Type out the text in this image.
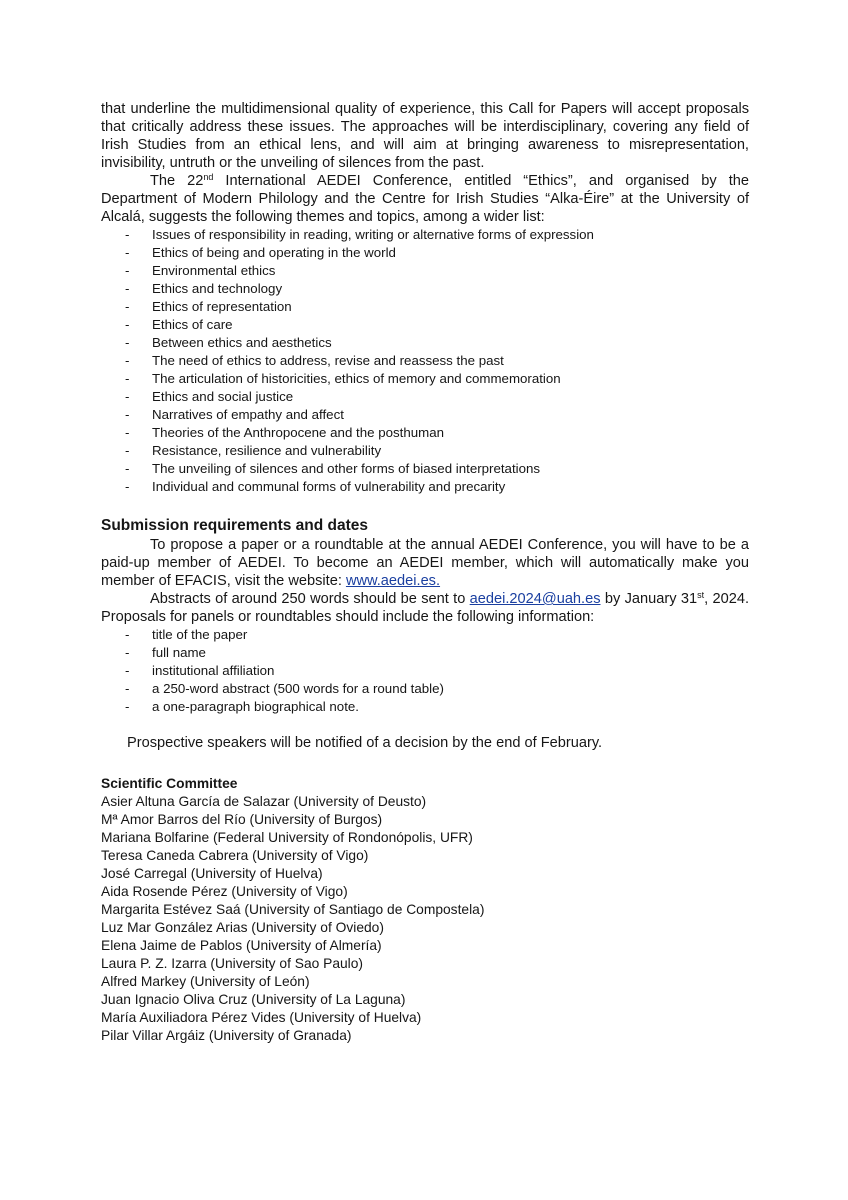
that underline the multidimensional quality of experience, this Call for Papers will accept proposals that critically address these issues. The approaches will be interdisciplinary, covering any field of Irish Studies from an ethical lens, and will aim at bringing awareness to misrepresentation, invisibility, untruth or the unveiling of silences from the past.

The 22nd International AEDEI Conference, entitled “Ethics”, and organised by the Department of Modern Philology and the Centre for Irish Studies “Alka-Éire” at the University of Alcalá, suggests the following themes and topics, among a wider list:

- Issues of responsibility in reading, writing or alternative forms of expression
- Ethics of being and operating in the world
- Environmental ethics
- Ethics and technology
- Ethics of representation
- Ethics of care
- Between ethics and aesthetics
- The need of ethics to address, revise and reassess the past
- The articulation of historicities, ethics of memory and commemoration
- Ethics and social justice
- Narratives of empathy and affect
- Theories of the Anthropocene and the posthuman
- Resistance, resilience and vulnerability
- The unveiling of silences and other forms of biased interpretations
- Individual and communal forms of vulnerability and precarity

Submission requirements and dates

To propose a paper or a roundtable at the annual AEDEI Conference, you will have to be a paid-up member of AEDEI. To become an AEDEI member, which will automatically make you member of EFACIS, visit the website: www.aedei.es.

Abstracts of around 250 words should be sent to aedei.2024@uah.es by January 31st, 2024. Proposals for panels or roundtables should include the following information:

- title of the paper
- full name
- institutional affiliation
- a 250-word abstract (500 words for a round table)
- a one-paragraph biographical note.

Prospective speakers will be notified of a decision by the end of February.

Scientific Committee

Asier Altuna García de Salazar (University of Deusto)

Mª Amor Barros del Río (University of Burgos)

Mariana Bolfarine (Federal University of Rondonópolis, UFR)

Teresa Caneda Cabrera (University of Vigo)

José Carregal (University of Huelva)

Aida Rosende Pérez (University of Vigo)

Margarita Estévez Saá (University of Santiago de Compostela)

Luz Mar González Arias (University of Oviedo)

Elena Jaime de Pablos (University of Almería)

Laura P. Z. Izarra (University of Sao Paulo)

Alfred Markey (University of León)

Juan Ignacio Oliva Cruz (University of La Laguna)

María Auxiliadora Pérez Vides (University of Huelva)

Pilar Villar Argáiz (University of Granada)
